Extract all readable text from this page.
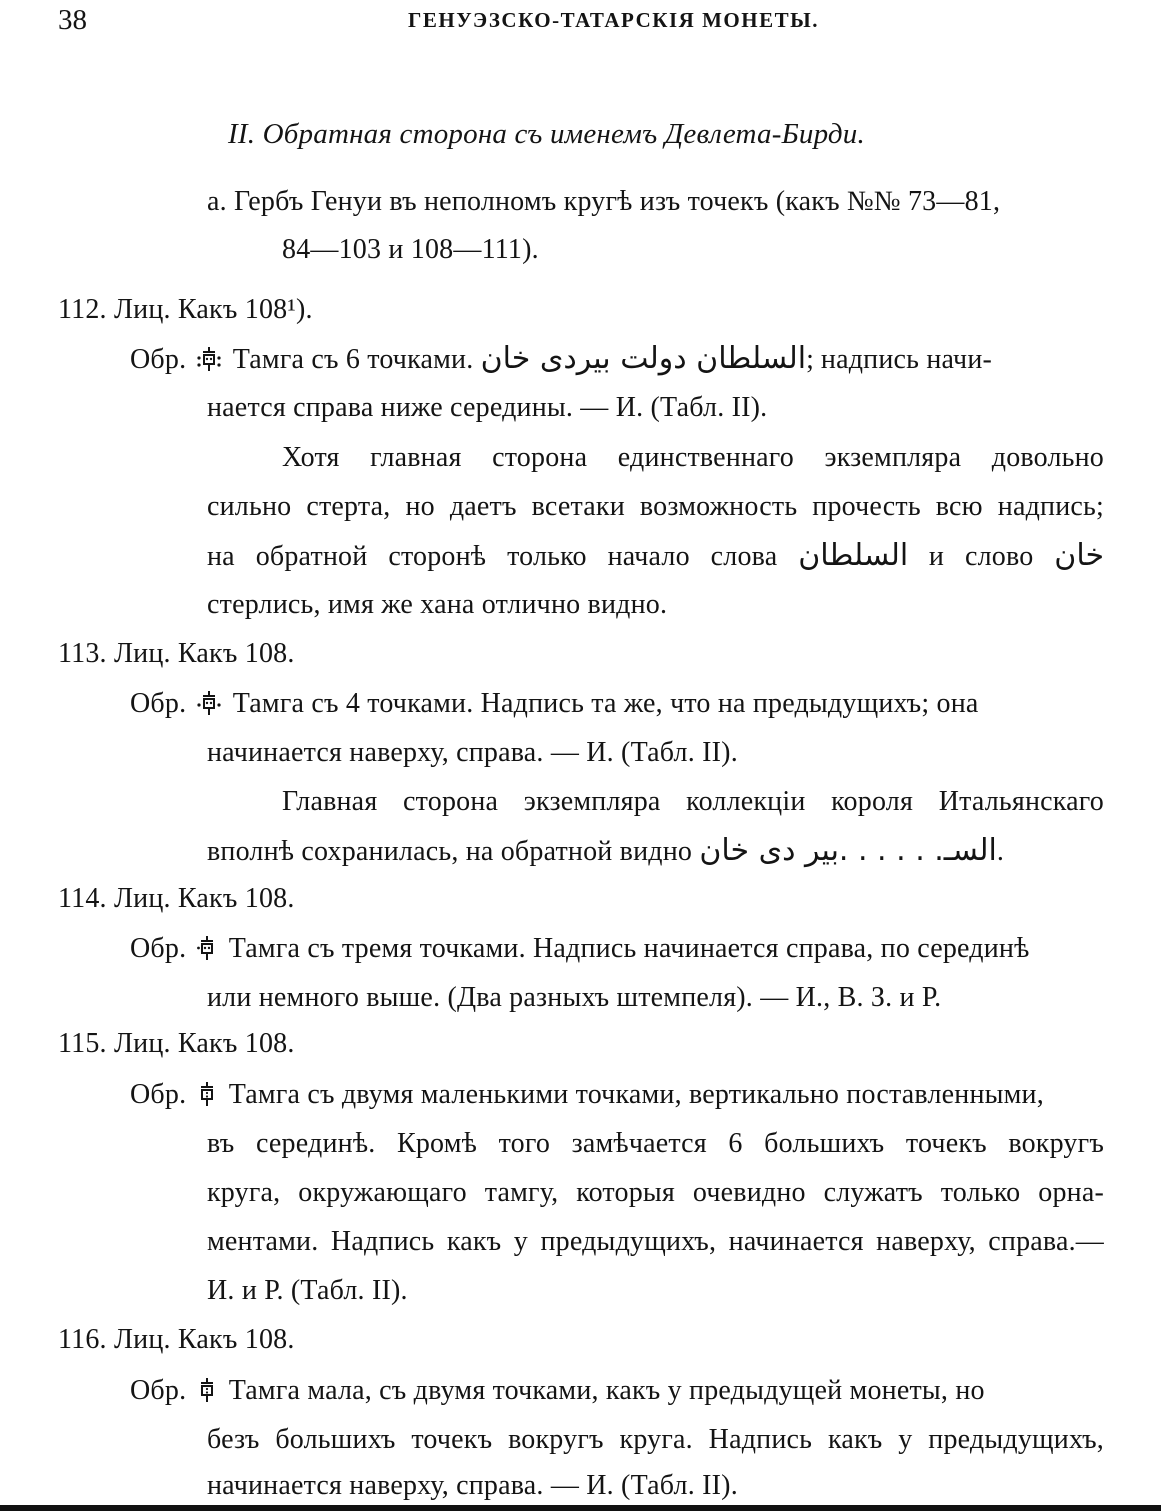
38	ГЕНУЭЗСКО-ТАТАРСКІЯ МОНЕТЫ.
II. Обратная сторона съ именемъ Девлета-Бирди.
а. Гербъ Генуи въ неполномъ кругѣ изъ точекъ (какъ №№ 73—81,
84—103 и 108—111).
112. Лиц. Какъ 108¹).
Обр. Тамга съ 6 точками. السلطان دولت بيردى خان; надпись начи-
нается справа ниже середины. — И. (Табл. II).
Хотя главная сторона единственнаго экземпляра довольно
сильно стерта, но даетъ всетаки возможность прочесть всю надпись;
на обратной сторонѣ только начало слова السلطان и слово خان
стерлись, имя же хана отлично видно.
113. Лиц. Какъ 108.
Обр. Тамга съ 4 точками. Надпись та же, что на предыдущихъ; она
начинается наверху, справа. — И. (Табл. II).
Главная сторона экземпляра коллекціи короля Итальянскаго
вполнѣ сохранилась, на обратной видно السـ. . . . . .بير دى خان.
114. Лиц. Какъ 108.
Обр. Тамга съ тремя точками. Надпись начинается справа, по серединѣ
или немного выше. (Два разныхъ штемпеля). — И., В. З. и Р.
115. Лиц. Какъ 108.
Обр. Тамга съ двумя маленькими точками, вертикально поставленными,
въ серединѣ. Кромѣ того замѣчается 6 большихъ точекъ вокругъ
круга, окружающаго тамгу, которыя очевидно служатъ только орна-
ментами. Надпись какъ у предыдущихъ, начинается наверху, справа.—
И. и Р. (Табл. II).
116. Лиц. Какъ 108.
Обр. Тамга мала, съ двумя точками, какъ у предыдущей монеты, но
безъ большихъ точекъ вокругъ круга. Надпись какъ у предыдущихъ,
начинается наверху, справа. — И. (Табл. II).
